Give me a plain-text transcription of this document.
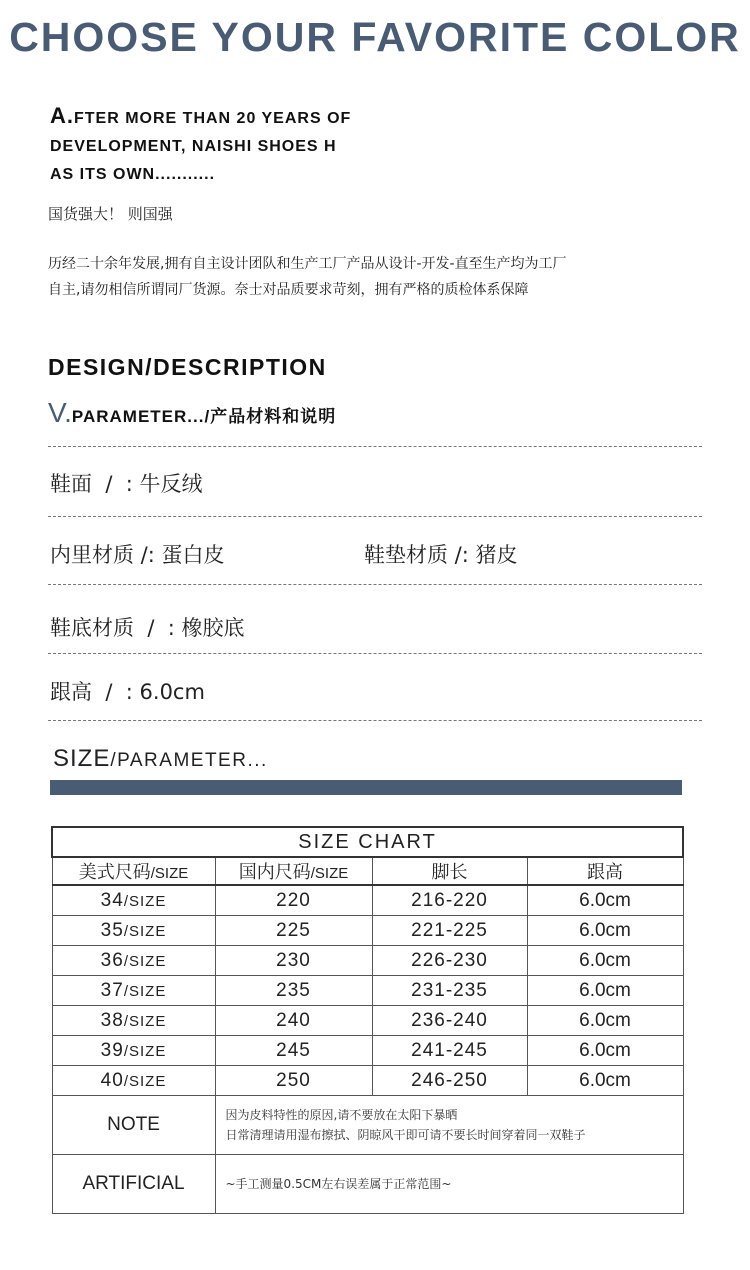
CHOOSE YOUR FAVORITE COLOR
A.FTER MORE THAN 20 YEARS OF
DEVELOPMENT, NAISHI SHOES H
AS ITS OWN...........
国货强大！ 则国强
历经二十余年发展,拥有自主设计团队和生产工厂产品从设计-开发-直至生产均为工厂
自主,请勿相信所谓同厂货源。奈士对品质要求苛刻，拥有严格的质检体系保障
DESIGN/DESCRIPTION
V.PARAMETER.../产品材料和说明
鞋面  /  : 牛反绒
内里材质 /: 蛋白皮	鞋垫材质 /: 猪皮
鞋底材质  /  : 橡胶底
跟高  /  : 6.0cm
SIZE/PARAMETER...
SIZE CHART			
美式尺码/SIZE	国内尺码/SIZE	脚长	跟高
34/SIZE	220	216-220	6.0cm
35/SIZE	225	221-225	6.0cm
36/SIZE	230	226-230	6.0cm
37/SIZE	235	231-235	6.0cm
38/SIZE	240	236-240	6.0cm
39/SIZE	245	241-245	6.0cm
40/SIZE	250	246-250	6.0cm
NOTE	因为皮料特性的原因,请不要放在太阳下暴晒
日常清理请用湿布擦拭、阴晾风干即可请不要长时间穿着同一双鞋子		

ARTIFICIAL	~手工测量0.5CM左右误差属于正常范围~		
